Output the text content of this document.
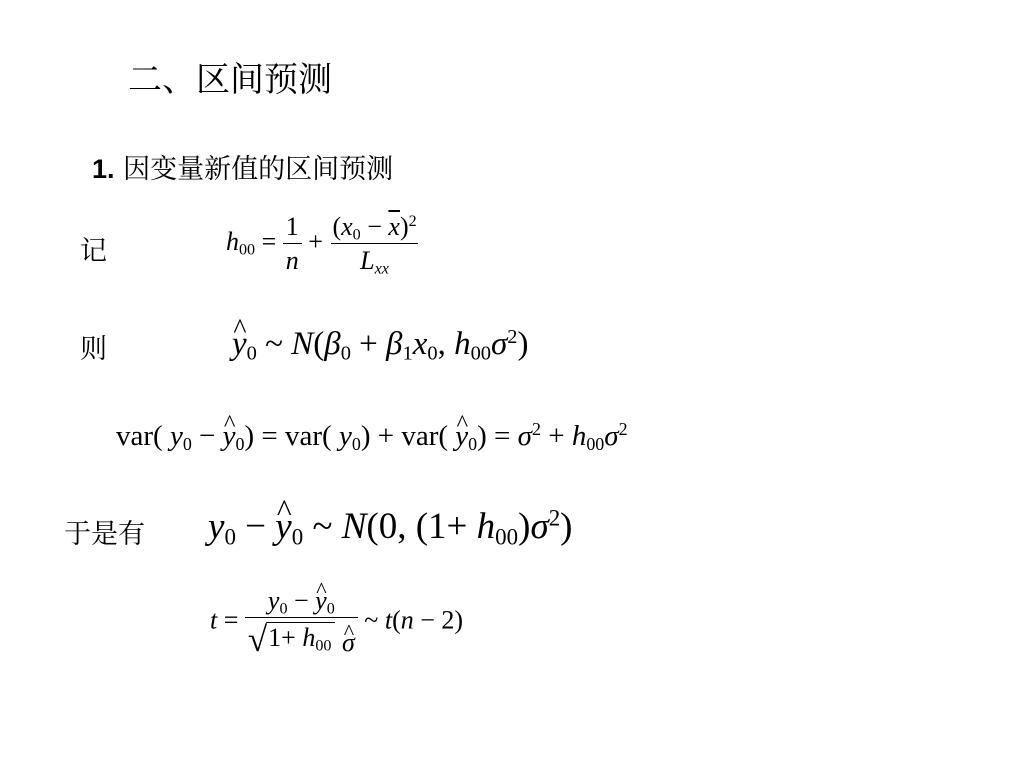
二、区间预测
1. 因变量新值的区间预测
记	$h_{00} = \frac{1}{n} + \frac{(x_0 - \overline{x})^2}{L_{xx}}$
则	^ $y_0$ ~ $N(\beta_0 + \beta_1x_0$, $h_{00}\sigma^2$)
var( $y_0$ − ^ $y_0) = var$( $y_0) + var$( ^ $y_0) = \sigma^2 + h_{00}\sigma^2$
于是有 $y_0$ − ^ $y_0$ ~ N(0, $(1+ h_{00})\sigma^2$)
$t = \frac{y_0 - \^{} y_0}{√ 1+ h_{00} \^{} \sigma}$ ~ t(n − 2)
